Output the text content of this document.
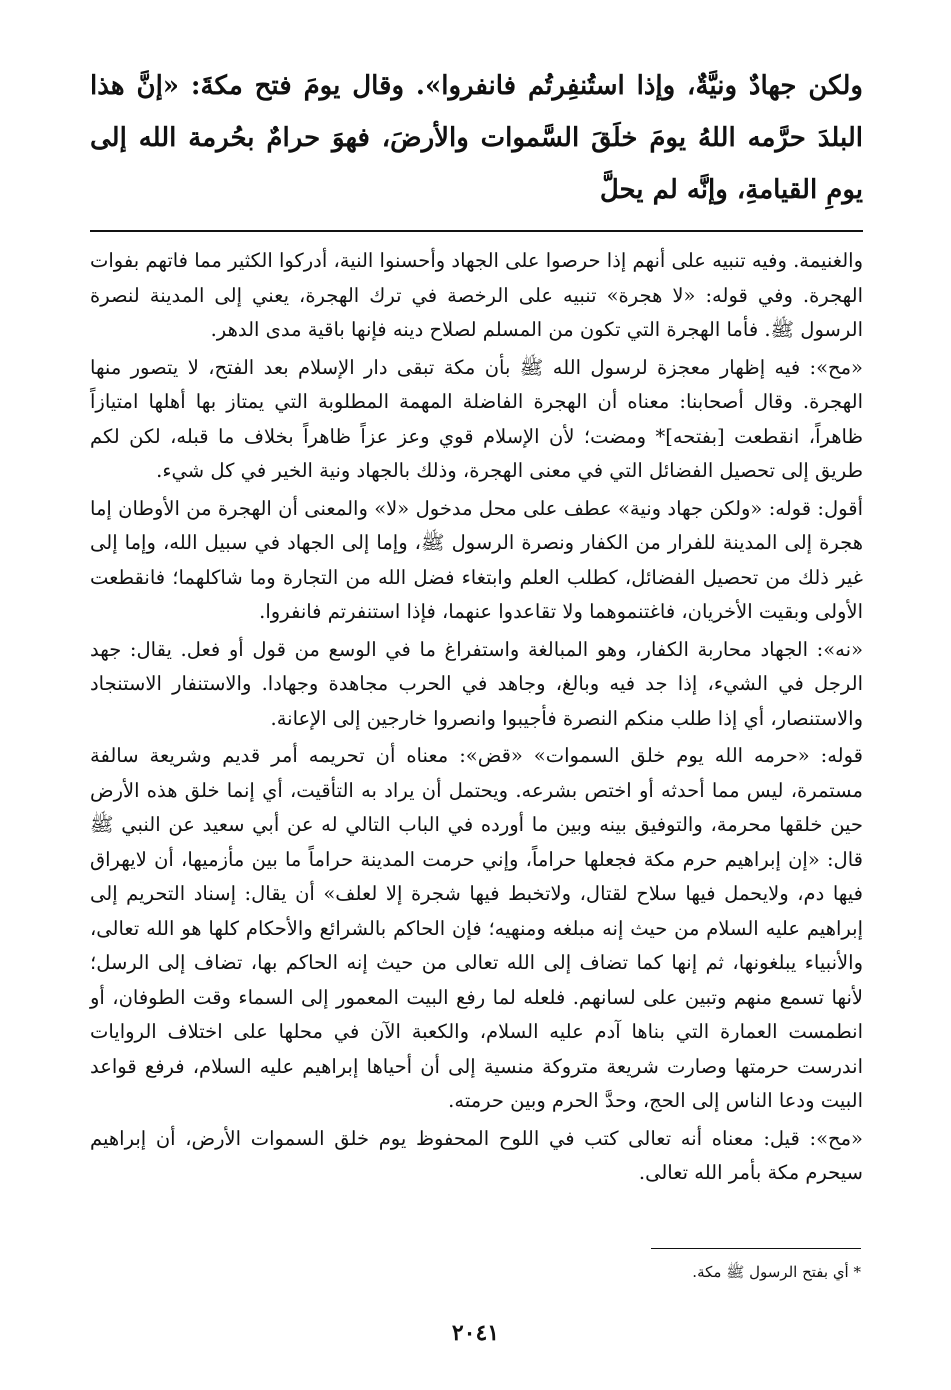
ولكن جهادٌ ونيَّةٌ، وإذا استُنفِرتُم فانفروا». وقال يومَ فتح مكةَ: «إنَّ هذا البلدَ حرَّمه اللهُ يومَ خلَقَ السَّموات والأرضَ، فهوَ حرامٌ بحُرمة الله إلى يومِ القيامةِ، وإنَّه لم يحلَّ

والغنيمة. وفيه تنبيه على أنهم إذا حرصوا على الجهاد وأحسنوا النية، أدركوا الكثير مما فاتهم بفوات الهجرة. وفي قوله: «لا هجرة» تنبيه على الرخصة في ترك الهجرة، يعني إلى المدينة لنصرة الرسول ﷺ. فأما الهجرة التي تكون من المسلم لصلاح دينه فإنها باقية مدى الدهر.

«مح»: فيه إظهار معجزة لرسول الله ﷺ بأن مكة تبقى دار الإسلام بعد الفتح، لا يتصور منها الهجرة. وقال أصحابنا: معناه أن الهجرة الفاضلة المهمة المطلوبة التي يمتاز بها أهلها امتيازاً ظاهراً، انقطعت [بفتحه]* ومضت؛ لأن الإسلام قوي وعز عزاً ظاهراً بخلاف ما قبله، لكن لكم طريق إلى تحصيل الفضائل التي في معنى الهجرة، وذلك بالجهاد ونية الخير في كل شيء.

أقول: قوله: «ولكن جهاد ونية» عطف على محل مدخول «لا» والمعنى أن الهجرة من الأوطان إما هجرة إلى المدينة للفرار من الكفار ونصرة الرسول ﷺ، وإما إلى الجهاد في سبيل الله، وإما إلى غير ذلك من تحصيل الفضائل، كطلب العلم وابتغاء فضل الله من التجارة وما شاكلهما؛ فانقطعت الأولى وبقيت الأخريان، فاغتنموهما ولا تقاعدوا عنهما، فإذا استنفرتم فانفروا.

«نه»: الجهاد محاربة الكفار، وهو المبالغة واستفراغ ما في الوسع من قول أو فعل. يقال: جهد الرجل في الشيء، إذا جد فيه وبالغ، وجاهد في الحرب مجاهدة وجهادا. والاستنفار الاستنجاد والاستنصار، أي إذا طلب منكم النصرة فأجيبوا وانصروا خارجين إلى الإعانة.

قوله: «حرمه الله يوم خلق السموات» «قض»: معناه أن تحريمه أمر قديم وشريعة سالفة مستمرة، ليس مما أحدثه أو اختص بشرعه. ويحتمل أن يراد به التأقيت، أي إنما خلق هذه الأرض حين خلقها محرمة، والتوفيق بينه وبين ما أورده في الباب التالي له عن أبي سعيد عن النبي ﷺ قال: «إن إبراهيم حرم مكة فجعلها حراماً، وإني حرمت المدينة حراماً ما بين مأزميها، أن لايهراق فيها دم، ولايحمل فيها سلاح لقتال، ولاتخبط فيها شجرة إلا لعلف» أن يقال: إسناد التحريم إلى إبراهيم عليه السلام من حيث إنه مبلغه ومنهيه؛ فإن الحاكم بالشرائع والأحكام كلها هو الله تعالى، والأنبياء يبلغونها، ثم إنها كما تضاف إلى الله تعالى من حيث إنه الحاكم بها، تضاف إلى الرسل؛ لأنها تسمع منهم وتبين على لسانهم. فلعله لما رفع البيت المعمور إلى السماء وقت الطوفان، أو انطمست العمارة التي بناها آدم عليه السلام، والكعبة الآن في محلها على اختلاف الروايات اندرست حرمتها وصارت شريعة متروكة منسية إلى أن أحياها إبراهيم عليه السلام، فرفع قواعد البيت ودعا الناس إلى الحج، وحدَّ الحرم وبين حرمته.

«مح»: قيل: معناه أنه تعالى كتب في اللوح المحفوظ يوم خلق السموات الأرض، أن إبراهيم سيحرم مكة بأمر الله تعالى.

* أي بفتح الرسول ﷺ مكة.

٢٠٤١
